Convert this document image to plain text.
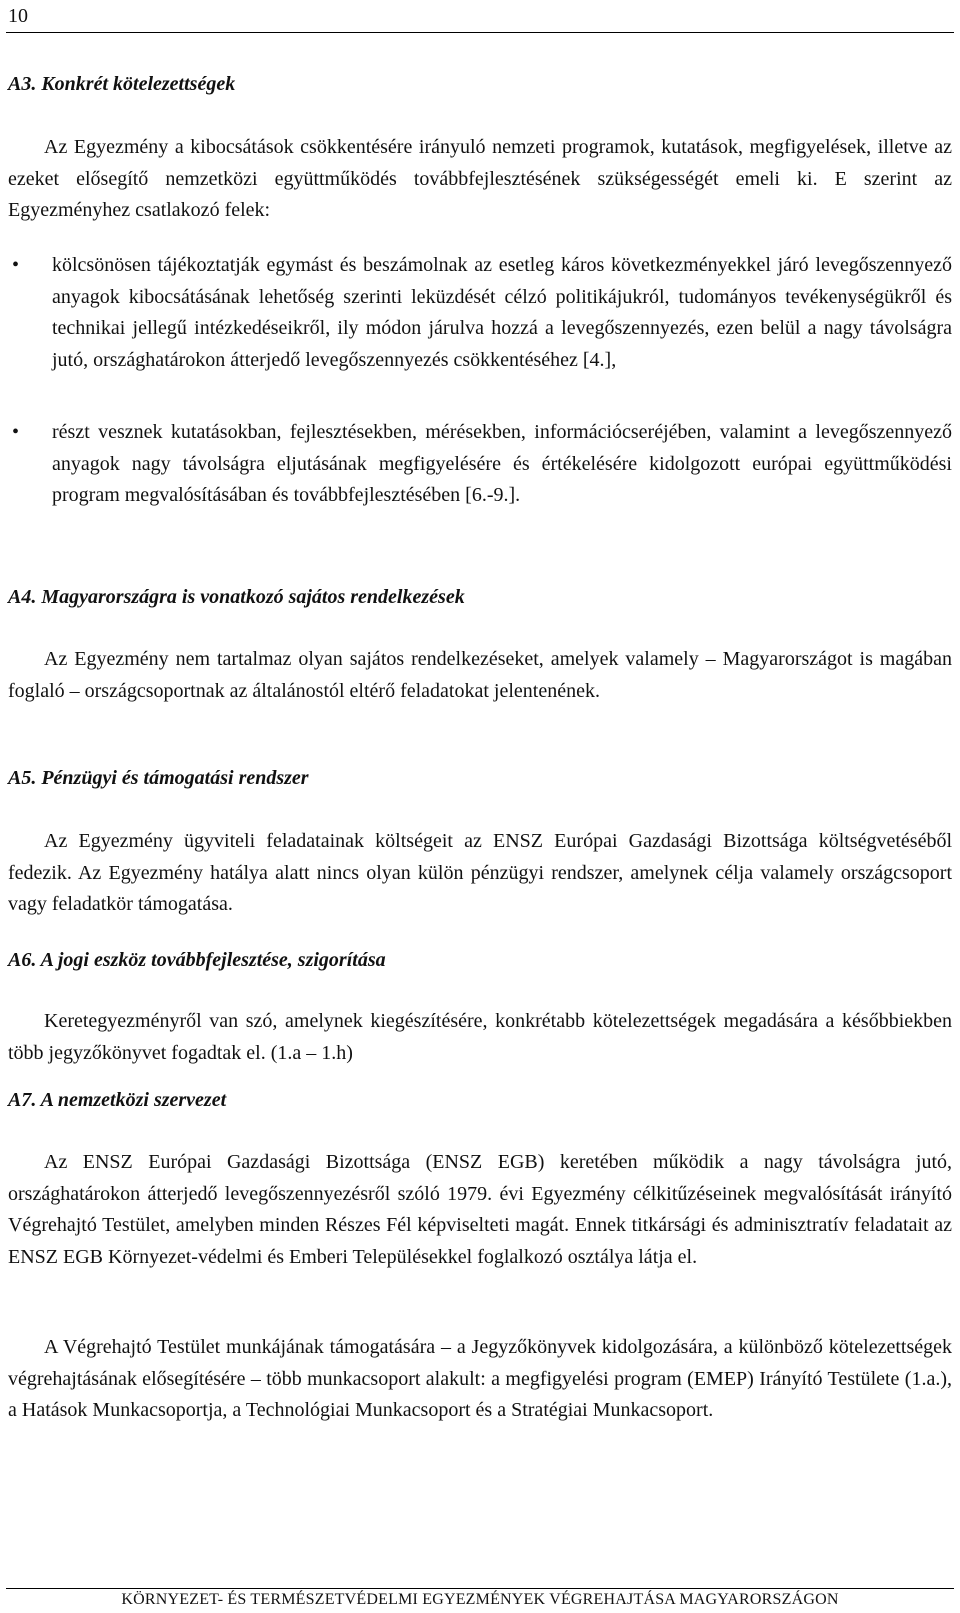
10
A3. Konkrét kötelezettségek

Az Egyezmény a kibocsátások csökkentésére irányuló nemzeti programok, kutatások, megfigyelések, illetve az ezeket elősegítő nemzetközi együttműködés továbbfejlesztésének szükségességét emeli ki. E szerint az Egyezményhez csatlakozó felek:

• kölcsönösen tájékoztatják egymást és beszámolnak az esetleg káros következményekkel járó levegőszennyező anyagok kibocsátásának lehetőség szerinti leküzdését célzó politikájukról, tudományos tevékenységükről és technikai jellegű intézkedéseikről, ily módon járulva hozzá a levegőszennyezés, ezen belül a nagy távolságra jutó, országhatárokon átterjedő levegőszennyezés csökkentéséhez [4.],
• részt vesznek kutatásokban, fejlesztésekben, mérésekben, információcseréjében, valamint a levegőszennyező anyagok nagy távolságra eljutásának megfigyelésére és értékelésére kidolgozott európai együttműködési program megvalósításában és továbbfejlesztésében [6.-9.].
A4. Magyarországra is vonatkozó sajátos rendelkezések

Az Egyezmény nem tartalmaz olyan sajátos rendelkezéseket, amelyek valamely – Magyarországot is magában foglaló – országcsoportnak az általánostól eltérő feladatokat jelentenének.

A5. Pénzügyi és támogatási rendszer

Az Egyezmény ügyviteli feladatainak költségeit az ENSZ Európai Gazdasági Bizottsága költségvetéséből fedezik. Az Egyezmény hatálya alatt nincs olyan külön pénzügyi rendszer, amelynek célja valamely országcsoport vagy feladatkör támogatása.

A6. A jogi eszköz továbbfejlesztése, szigorítása

Keretegyezményről van szó, amelynek kiegészítésére, konkrétabb kötelezettségek megadására a későbbiekben több jegyzőkönyvet fogadtak el. (1.a – 1.h)

A7. A nemzetközi szervezet

Az ENSZ Európai Gazdasági Bizottsága (ENSZ EGB) keretében működik a nagy távolságra jutó, országhatárokon átterjedő levegőszennyezésről szóló 1979. évi Egyezmény célkitűzéseinek megvalósítását irányító Végrehajtó Testület, amelyben minden Részes Fél képviselteti magát. Ennek titkársági és adminisztratív feladatait az ENSZ EGB Környezet-védelmi és Emberi Településekkel foglalkozó osztálya látja el.

A Végrehajtó Testület munkájának támogatására – a Jegyzőkönyvek kidolgozására, a különböző kötelezettségek végrehajtásának elősegítésére – több munkacsoport alakult: a megfigyelési program (EMEP) Irányító Testülete (1.a.), a Hatások Munkacsoportja, a Technológiai Munkacsoport és a Stratégiai Munkacsoport.

KÖRNYEZET- ÉS TERMÉSZETVÉDELMI EGYEZMÉNYEK VÉGREHAJTÁSA MAGYARORSZÁGON
